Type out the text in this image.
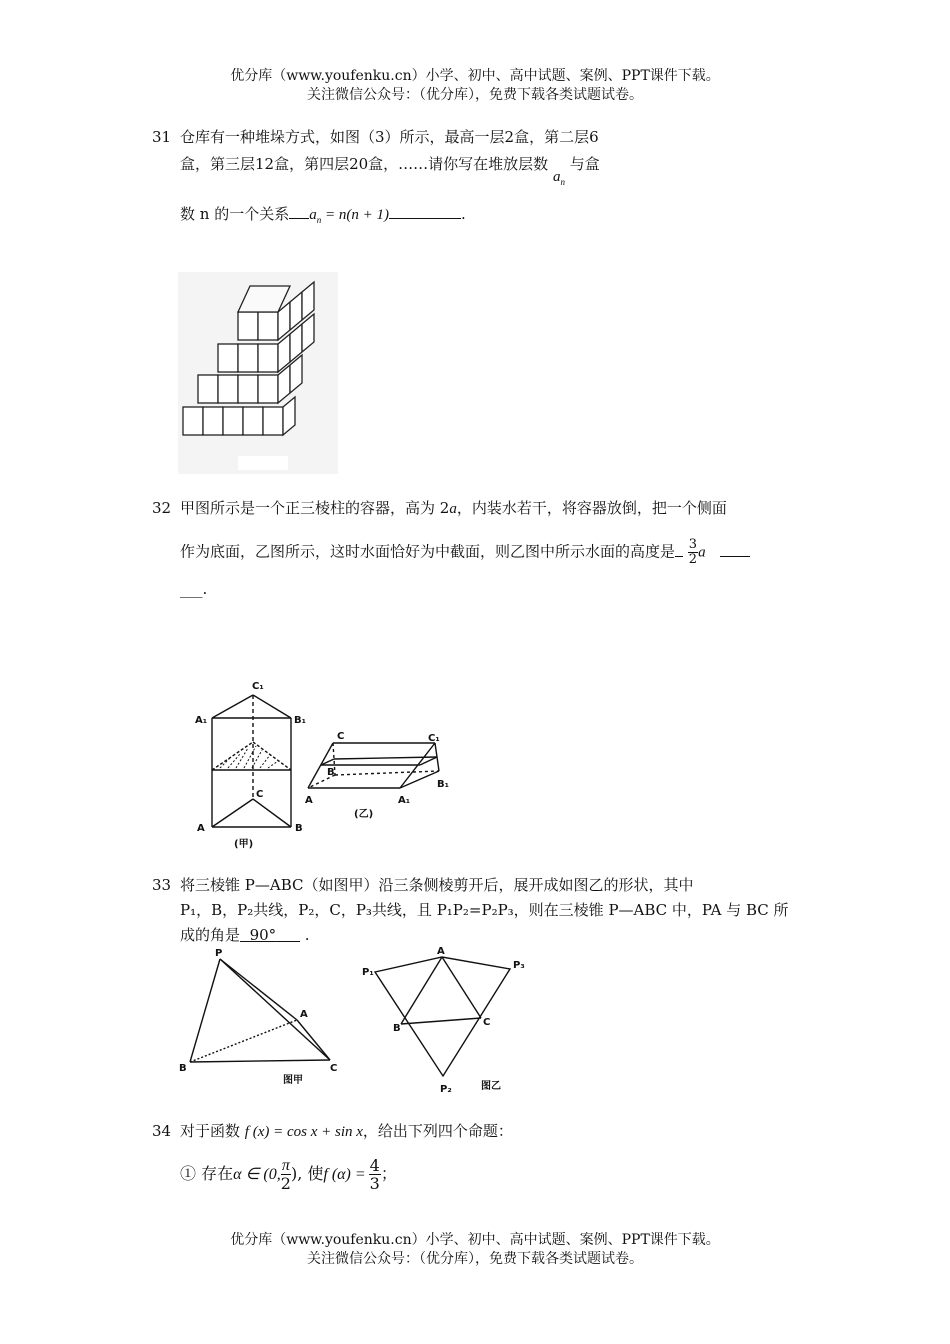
优分库（www.youfenku.cn）小学、初中、高中试题、案例、PPT课件下载。
关注微信公众号：（优分库），免费下载各类试题试卷。
31 仓库有一种堆垛方式，如图（3）所示，最高一层2盒，第二层6
盒，第三层12盒，第四层20盒，……请你写在堆放层数 $a_n$ 与盒
数 n 的一个关系 $a_n = n(n + 1)$	.
32 甲图所示是一个正三棱柱的容器，高为 2a，内装水若干，将容器放倒，把一个侧面
作为底面，乙图所示，这时水面恰好为中截面，则乙图中所示水面的高度是 $\frac{3}{2}$ a
___.
C₁
A₁	B₁
C
A	B
(甲)
C	C₁
A	A₁
B₁
B
(乙)
33 将三棱锥 P—ABC（如图甲）沿三条侧棱剪开后，展开成如图乙的形状，其中
P₁，B，P₂共线，P₂，C，P₃共线，且 P₁P₂=P₂P₃，则在三棱锥 P—ABC 中，PA 与 BC 所
成的角是 90°      .
P
A
B	C
图甲
P₁
A
P₃
B
C
P₂	图乙
34 对于函数 f (x) = cos x + sin x，给出下列四个命题：
① 存在α ∈ (0, $\frac{\pi}{2}$ ), 使f $(\alpha) = \frac{4}{3}$ ；
优分库（www.youfenku.cn）小学、初中、高中试题、案例、PPT课件下载。
关注微信公众号：（优分库），免费下载各类试题试卷。
